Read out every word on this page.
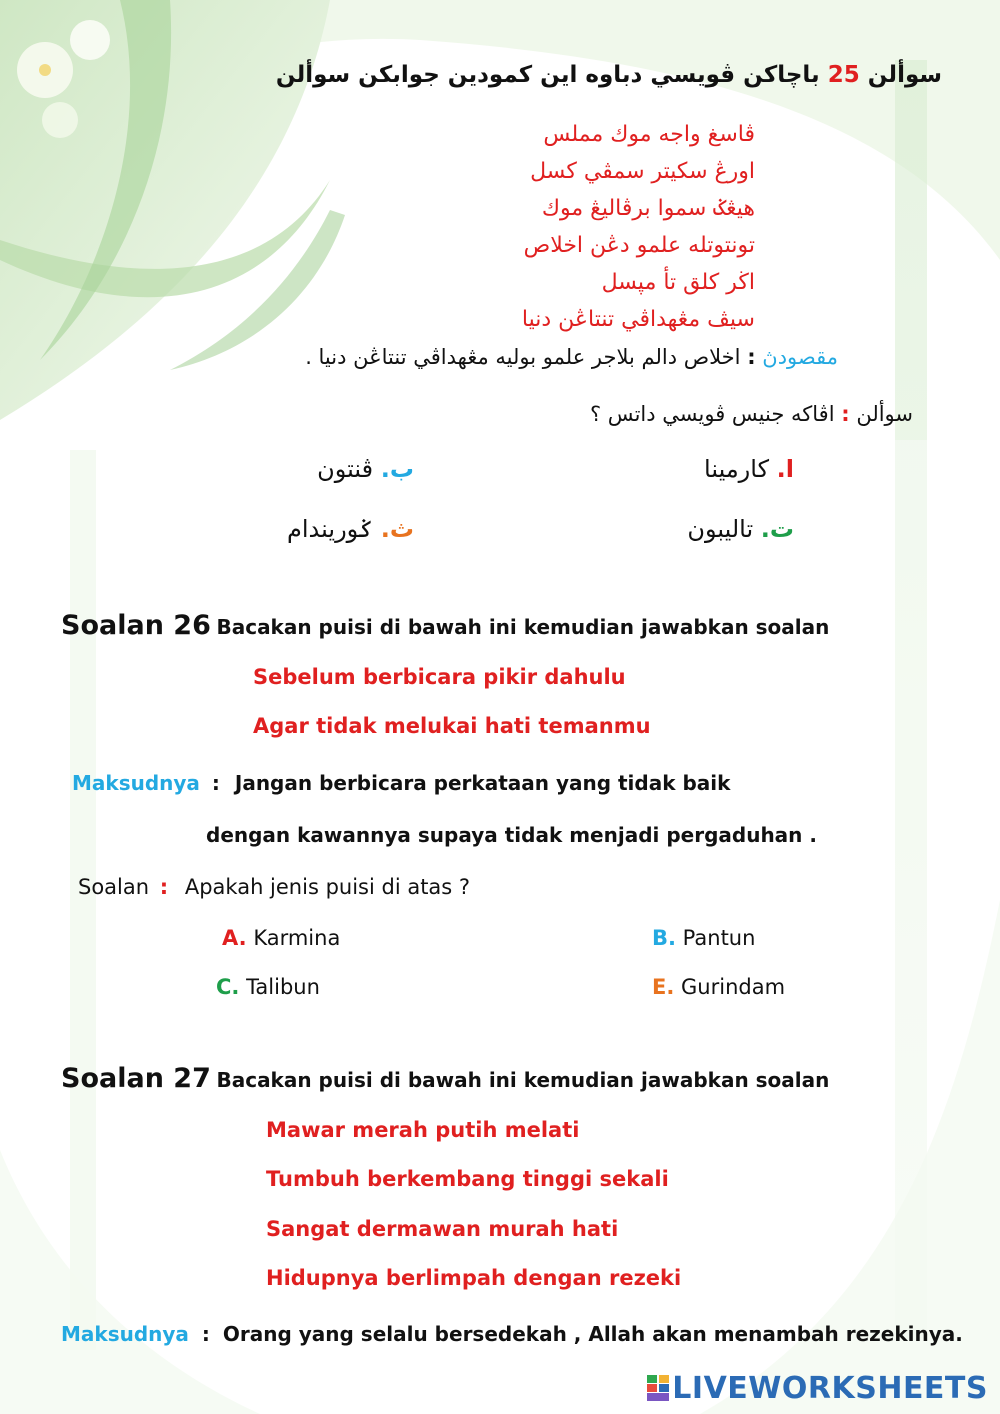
سوألن 25 باچاكن ڤويسي دباوه اين كمودين جوابكن سوألن
ڤاسغ واجه موك مملس
اورڠ سكيتر سمڤي كسل
هيڠݢ سموا برڤاليڠ موك
تونتوتله علمو دڠن اخلاص
اڬر كلق تأ مپسل
سيڤ مڠهداڤي تنتاڠن دنيا
مقصودڽ : اخلاص دالم بلاجر علمو بوليه مڠهداڤي تنتاڠن دنيا .
سوألن : اڤاكه جنيس ڤويسي داتس ؟
ا. كارمينا
ب. ڤنتون
ت. تاليبون
ث. ݢوريندام
Soalan 26 Bacakan puisi di bawah ini kemudian jawabkan soalan
Sebelum berbicara pikir dahulu
Agar tidak melukai hati temanmu
Maksudnya : Jangan berbicara perkataan yang tidak baik
dengan kawannya supaya tidak menjadi pergaduhan .
Soalan : Apakah jenis puisi di atas ?
A. Karmina	B. Pantun
C. Talibun	E. Gurindam
Soalan 27 Bacakan puisi di bawah ini kemudian jawabkan soalan
Mawar merah putih melati
Tumbuh berkembang tinggi sekali
Sangat dermawan murah hati
Hidupnya berlimpah dengan rezeki
Maksudnya : Orang yang selalu bersedekah , Allah akan menambah rezekinya.
LIVEWORKSHEETS
